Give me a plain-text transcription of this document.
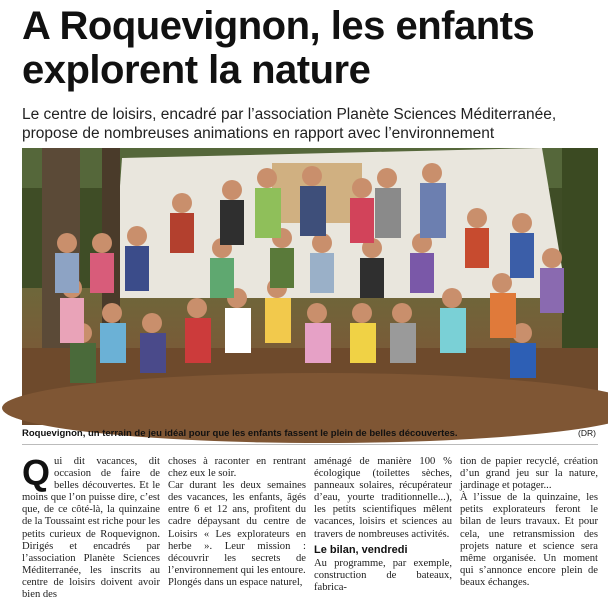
A Roquevignon, les enfants explorent la nature

Le centre de loisirs, encadré par l’association Planète Sciences Méditerranée, propose de nombreuses animations en rapport avec l’environnement

Roquevignon, un terrain de jeu idéal pour que les enfants fassent le plein de belles découvertes.	(DR)
Q ui dit vacances, dit occasion de faire de belles découvertes. Et le moins que l’on puisse dire, c’est que, de ce côté-là, la quinzaine de la Toussaint est riche pour les petits curieux de Roquevignon. Dirigés et encadrés par l’association Planète Sciences Méditerranée, les inscrits au centre de loisirs doivent avoir bien des

choses à raconter en rentrant chez eux le soir.
Car durant les deux semaines des vacances, les enfants, âgés entre 6 et 12 ans, profitent du cadre dépaysant du centre de Loisirs « Les explorateurs en herbe ». Leur mission : découvrir les secrets de l’environnement qui les entoure.
Plongés dans un espace naturel,

aménagé de manière 100 % écologique (toilettes sèches, panneaux solaires, récupérateur d’eau, yourte traditionnelle...), les petits scientifiques mêlent vacances, loisirs et sciences au travers de nombreuses activités.

Le bilan, vendredi

Au programme, par exemple, construction de bateaux, fabrica-

tion de papier recyclé, création d’un grand jeu sur la nature, jardinage et potager...
À l’issue de la quinzaine, les petits explorateurs feront le bilan de leurs travaux. Et pour cela, une retransmission des projets nature et science sera même organisée. Un moment qui s’annonce encore plein de beaux échanges.
